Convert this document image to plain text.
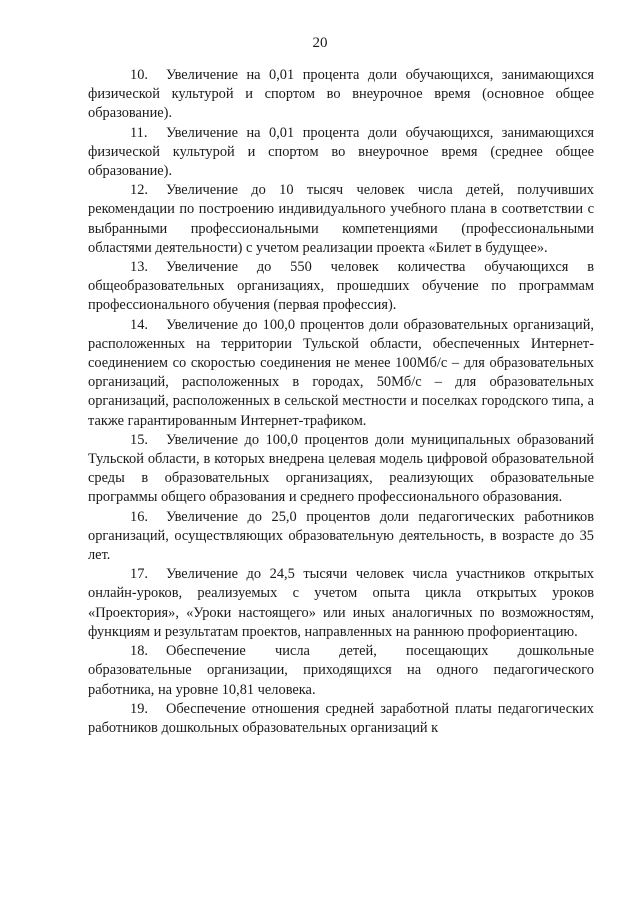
20

10. Увеличение на 0,01 процента доли обучающихся, занимающихся физической культурой и спортом во внеурочное время (основное общее образование).

11. Увеличение на 0,01 процента доли обучающихся, занимающихся физической культурой и спортом во внеурочное время (среднее общее образование).

12. Увеличение до 10 тысяч человек числа детей, получивших рекомендации по построению индивидуального учебного плана в соответствии с выбранными профессиональными компетенциями (профессиональными областями деятельности) с учетом реализации проекта «Билет в будущее».

13. Увеличение до 550 человек количества обучающихся в общеобразовательных организациях, прошедших обучение по программам профессионального обучения (первая профессия).

14. Увеличение до 100,0 процентов доли образовательных организаций, расположенных на территории Тульской области, обеспеченных Интернет-соединением со скоростью соединения не менее 100Мб/с – для образовательных организаций, расположенных в городах, 50Мб/с – для образовательных организаций, расположенных в сельской местности и поселках городского типа, а также гарантированным Интернет-трафиком.

15. Увеличение до 100,0 процентов доли муниципальных образований Тульской области, в которых внедрена целевая модель цифровой образовательной среды в образовательных организациях, реализующих образовательные программы общего образования и среднего профессионального образования.

16. Увеличение до 25,0 процентов доли педагогических работников организаций, осуществляющих образовательную деятельность, в возрасте до 35 лет.

17. Увеличение до 24,5 тысячи человек числа участников открытых онлайн-уроков, реализуемых с учетом опыта цикла открытых уроков «Проектория», «Уроки настоящего» или иных аналогичных по возможностям, функциям и результатам проектов, направленных на раннюю профориентацию.

18. Обеспечение числа детей, посещающих дошкольные образовательные организации, приходящихся на одного педагогического работника, на уровне 10,81 человека.

19. Обеспечение отношения средней заработной платы педагогических работников дошкольных образовательных организаций к
